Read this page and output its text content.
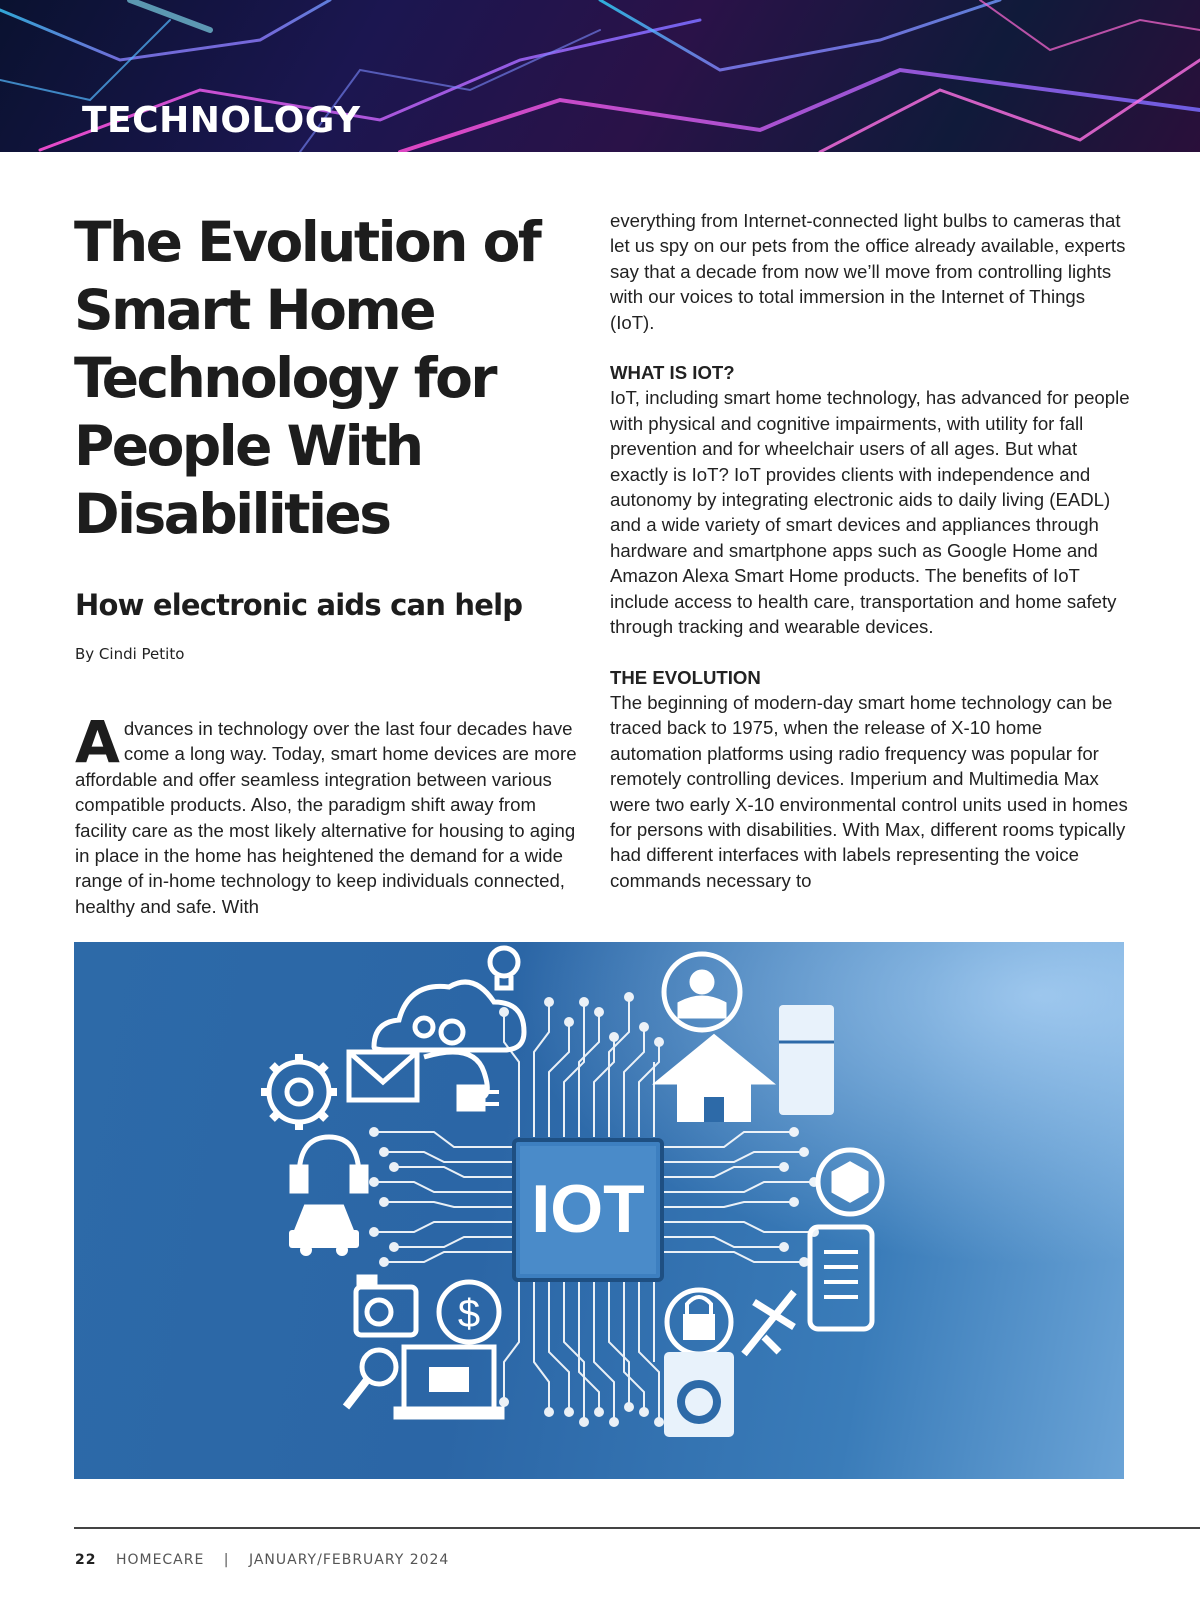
TECHNOLOGY
The Evolution of Smart Home Technology for People With Disabilities
How electronic aids can help
By Cindi Petito

Advances in technology over the last four decades have come a long way. Today, smart home devices are more affordable and offer seamless integration between various compatible products. Also, the paradigm shift away from facility care as the most likely alternative for housing to aging in place in the home has heightened the demand for a wide range of in-home technology to keep individuals connected, healthy and safe. With

everything from Internet-connected light bulbs to cameras that let us spy on our pets from the office already available, experts say that a decade from now we’ll move from controlling lights with our voices to total immersion in the Internet of Things (IoT).

WHAT IS IOT?

IoT, including smart home technology, has advanced for people with physical and cognitive impairments, with utility for fall prevention and for wheelchair users of all ages. But what exactly is IoT? IoT provides clients with independence and autonomy by integrating electronic aids to daily living (EADL) and a wide variety of smart devices and appliances through hardware and smartphone apps such as Google Home and Amazon Alexa Smart Home products. The benefits of IoT include access to health care, transportation and home safety through tracking and wearable devices.

THE EVOLUTION

The beginning of modern-day smart home technology can be traced back to 1975, when the release of X-10 home automation platforms using radio frequency was popular for remotely controlling devices. Imperium and Multimedia Max were two early X-10 environmental control units used in homes for persons with disabilities. With Max, different rooms typically had different interfaces with labels representing the voice commands necessary to

IOT
$
22 HOMECARE | JANUARY/FEBRUARY 2024
